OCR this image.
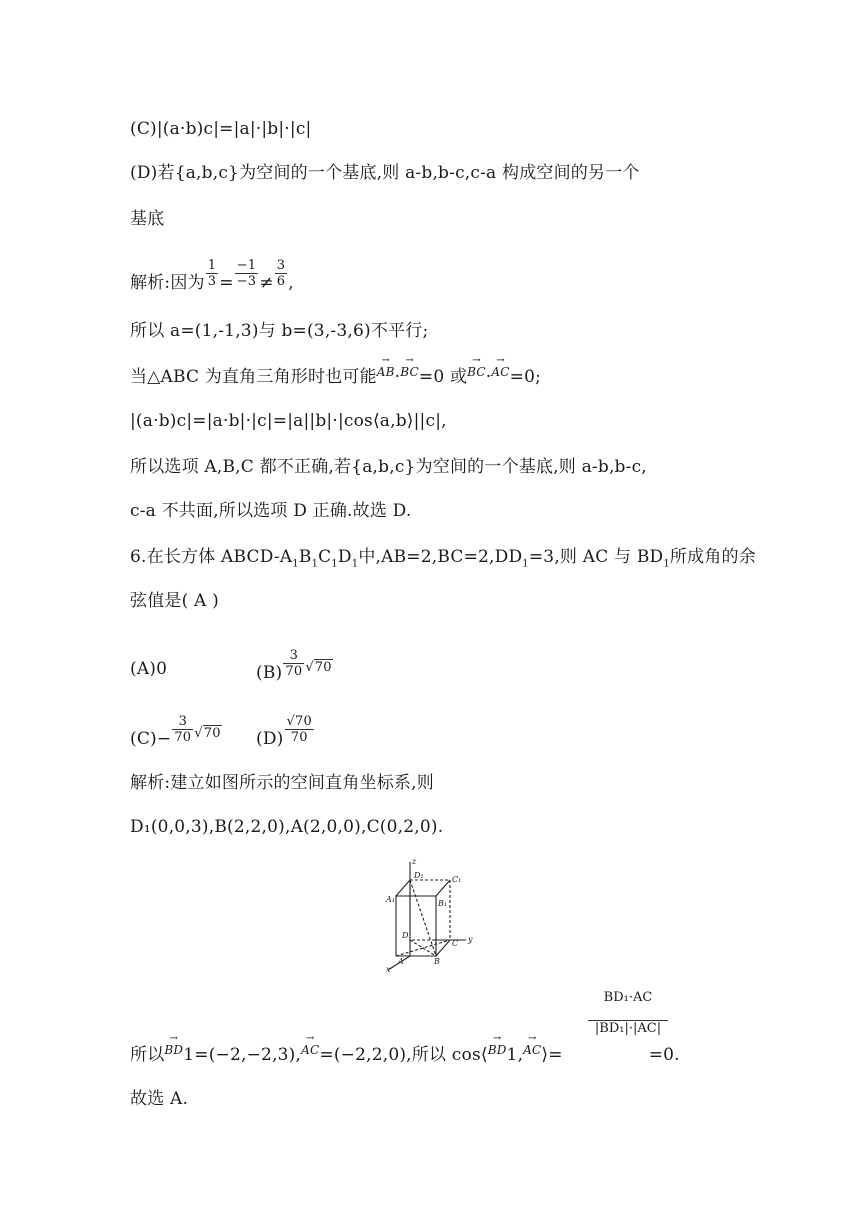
(C)|(a·b)c|=|a|·|b|·|c|
(D)若{a,b,c}为空间的一个基底,则 a-b,b-c,c-a 构成空间的另一个
基底
解析:因为 $\frac{1}{3} = \frac{-1}{-3} \ne \frac{3}{6}$ ,
所以 a=(1,-1,3)与 b=(3,-3,6)不平行;
当△ABC 为直角三角形时也可能→ AB·→ BC=0 或→ BC·→ AC=0;
|(a·b)c|=|a·b|·|c|=|a||b|·|cos⟨a,b⟩||c|,
所以选项 A,B,C 都不正确,若{a,b,c}为空间的一个基底,则 a-b,b-c,
c-a 不共面,所以选项 D 正确.故选 D.
6.在长方体 ABCD-$A_1B_1C_1D_1$中$,AB=2,BC=2,DD_1=3$,则 AC 与 $BD_1$所成角的余
弦值是( A )
(A)0	$(B) \frac{3}{70} √70$
$(C)- \frac{3}{70} √70$ $(D) \frac{√70}{70}$
解析:建立如图所示的空间直角坐标系,则
D₁(0,0,3),B(2,2,0),A(2,0,0),C(0,2,0).
z
y
x
D₁	C₁
A₁	B₁
D
C
A	B
$\frac{\text{BD₁·AC}}{\text{|BD₁|·|AC|}}$
所以→ BD1=(−2,−2,3),→ AC=(−2,2,0),所以 cos⟨→ BD1,→ AC⟩=	=0.
故选 A.
